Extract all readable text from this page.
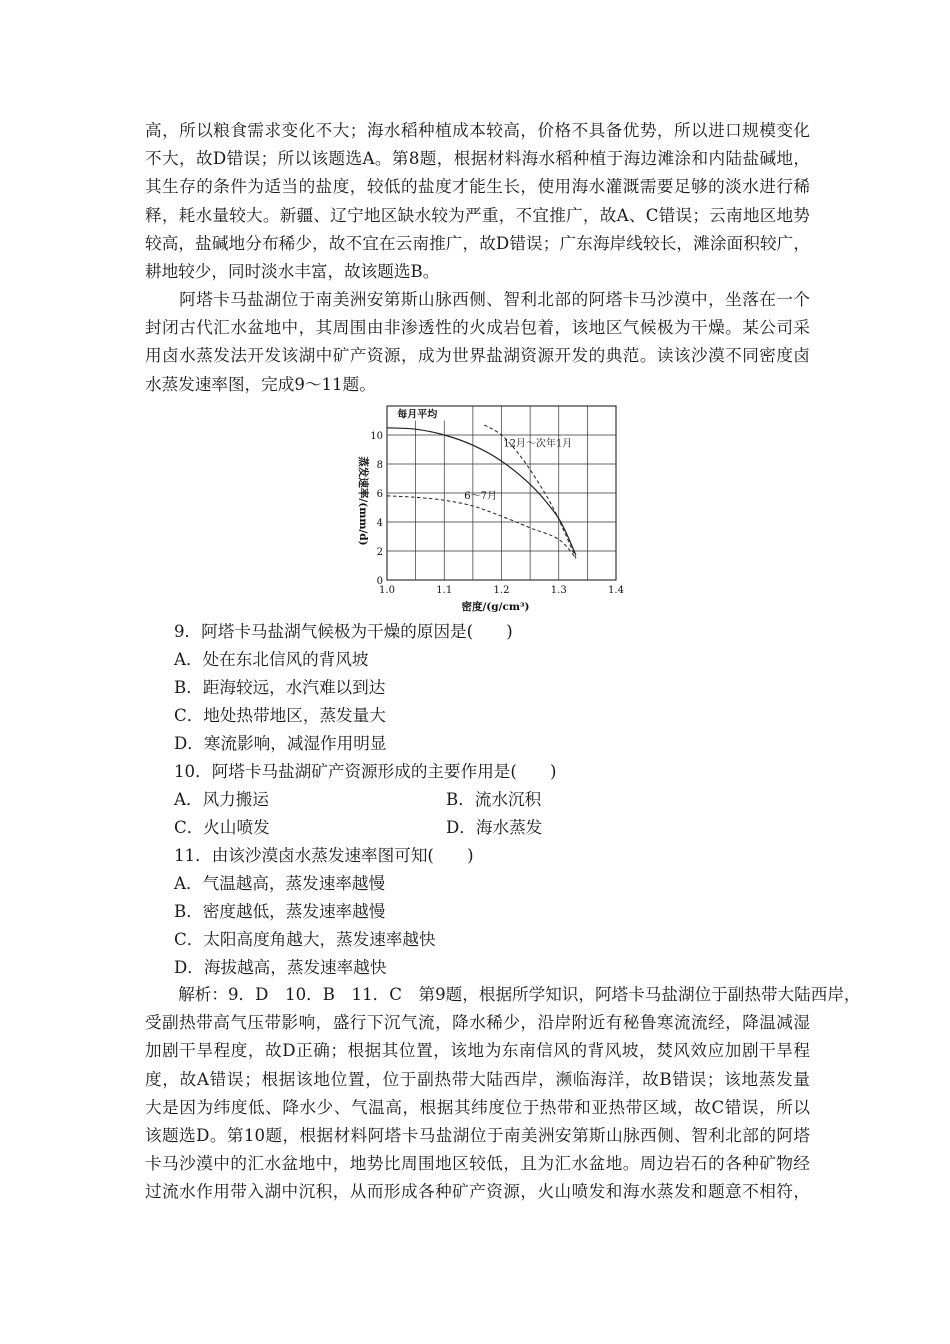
高，所以粮食需求变化不大；海水稻种植成本较高，价格不具备优势，所以进口规模变化
不大，故D错误；所以该题选A。第8题，根据材料海水稻种植于海边滩涂和内陆盐碱地，
其生存的条件为适当的盐度，较低的盐度才能生长，使用海水灌溉需要足够的淡水进行稀
释，耗水量较大。新疆、辽宁地区缺水较为严重，不宜推广，故A、C错误；云南地区地势
较高，盐碱地分布稀少，故不宜在云南推广，故D错误；广东海岸线较长，滩涂面积较广，
耕地较少，同时淡水丰富，故该题选B。
　　阿塔卡马盐湖位于南美洲安第斯山脉西侧、智利北部的阿塔卡马沙漠中，坐落在一个
封闭古代汇水盆地中，其周围由非渗透性的火成岩包着，该地区气候极为干燥。某公司采
用卤水蒸发法开发该湖中矿产资源，成为世界盐湖资源开发的典范。读该沙漠不同密度卤
水蒸发速率图，完成9～11题。
1.0	1.1	1.2	1.3	1.4
0
2
4
6
8
10
密度/(g/cm³)
蒸发速率/(mm/d)
每月平均
12月～次年1月
6～7月

9．阿塔卡马盐湖气候极为干燥的原因是(　　)

A．处在东北信风的背风坡

B．距海较远，水汽难以到达

C．地处热带地区，蒸发量大

D．寒流影响，减湿作用明显

10．阿塔卡马盐湖矿产资源形成的主要作用是(　　)

A．风力搬运	B．流水沉积

C．火山喷发	D．海水蒸发

11．由该沙漠卤水蒸发速率图可知(　　)

A．气温越高，蒸发速率越慢

B．密度越低，蒸发速率越慢

C．太阳高度角越大，蒸发速率越快

D．海拔越高，蒸发速率越快

　　解析：9．D　10．B　11．C　第9题，根据所学知识，阿塔卡马盐湖位于副热带大陆西岸，
受副热带高气压带影响，盛行下沉气流，降水稀少，沿岸附近有秘鲁寒流流经，降温减湿
加剧干旱程度，故D正确；根据其位置，该地为东南信风的背风坡，焚风效应加剧干旱程
度，故A错误；根据该地位置，位于副热带大陆西岸，濒临海洋，故B错误；该地蒸发量
大是因为纬度低、降水少、气温高，根据其纬度位于热带和亚热带区域，故C错误，所以
该题选D。第10题，根据材料阿塔卡马盐湖位于南美洲安第斯山脉西侧、智利北部的阿塔
卡马沙漠中的汇水盆地中，地势比周围地区较低，且为汇水盆地。周边岩石的各种矿物经
过流水作用带入湖中沉积，从而形成各种矿产资源，火山喷发和海水蒸发和题意不相符，
